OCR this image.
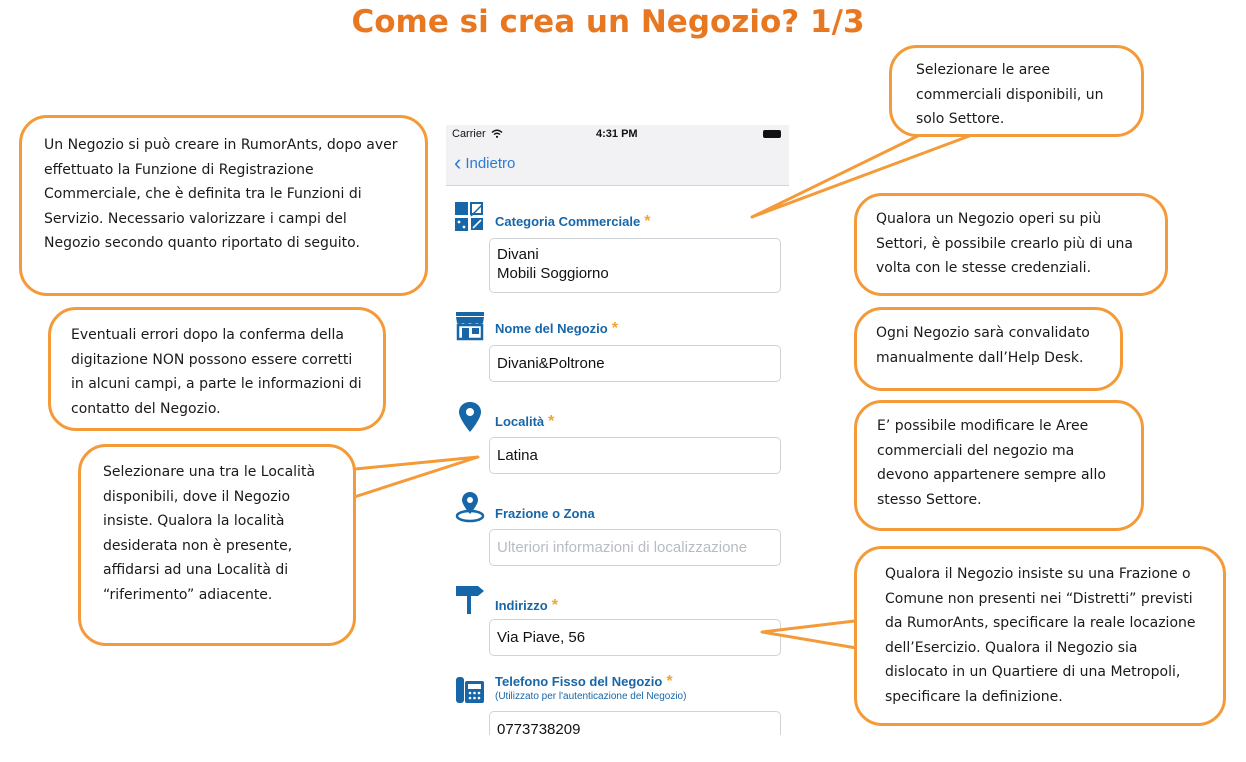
Come si crea un Negozio? 1/3
Un Negozio si può creare in RumorAnts, dopo aver
effettuato la Funzione di Registrazione
Commerciale, che è definita tra le Funzioni di
Servizio. Necessario valorizzare i campi del
Negozio secondo quanto riportato di seguito.
Eventuali errori dopo la conferma della
digitazione NON possono essere corretti
in alcuni campi, a parte le informazioni di
contatto del Negozio.
Selezionare una tra le Località
disponibili, dove il Negozio
insiste. Qualora la località
desiderata non è presente,
affidarsi ad una Località di
“riferimento” adiacente.
Selezionare le aree
commerciali disponibili, un
solo Settore.
Qualora un Negozio operi su più
Settori, è possibile crearlo più di una
volta con le stesse credenziali.
Ogni Negozio sarà convalidato
manualmente dall’Help Desk.
E’ possibile modificare le Aree
commerciali del negozio ma
devono appartenere sempre allo
stesso Settore.
Qualora il Negozio insiste su una Frazione o
Comune non presenti nei “Distretti” previsti
da RumorAnts, specificare la reale locazione
dell’Esercizio. Qualora il Negozio sia
dislocato in un Quartiere di una Metropoli,
specificare la definizione.
Carrier	4:31 PM
‹ Indietro
Categoria Commerciale *
Divani
Mobili Soggiorno
Nome del Negozio *
Divani&Poltrone
Località *
Latina
Frazione o Zona
Ulteriori informazioni di localizzazione
Indirizzo *
Via Piave, 56
Telefono Fisso del Negozio *
(Utilizzato per l'autenticazione del Negozio)
0773738209
